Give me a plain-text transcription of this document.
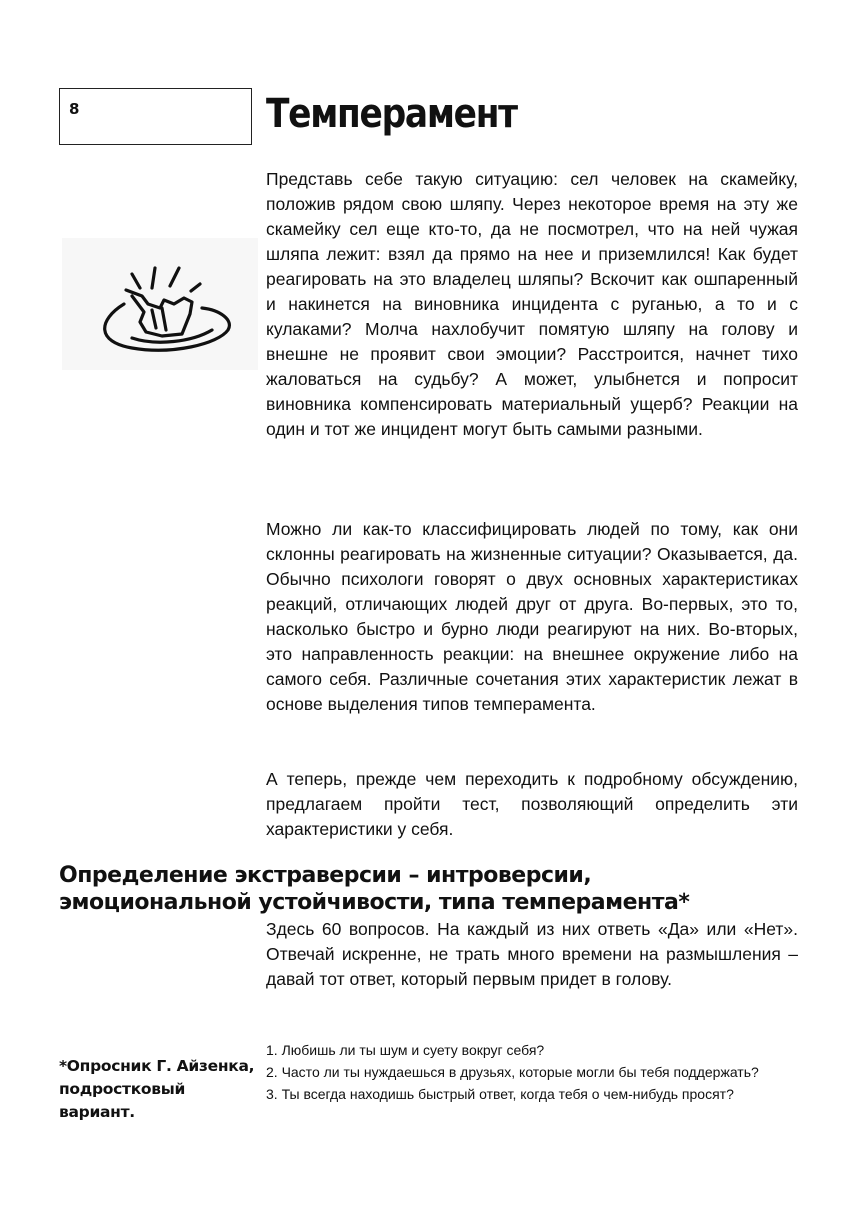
8	Темперамент

Представь себе такую ситуацию: сел человек на скамейку, положив рядом свою шляпу. Через некоторое время на эту же скамейку сел еще кто-то, да не посмотрел, что на ней чужая шляпа лежит: взял да прямо на нее и приземлился! Как будет реагировать на это владелец шляпы? Вскочит как ошпаренный и накинется на виновника инцидента с руганью, а то и с кулаками? Молча нахлобучит помятую шляпу на голову и внешне не проявит свои эмоции? Расстроится, начнет тихо жаловаться на судьбу? А может, улыбнется и попросит виновника компенсировать материальный ущерб? Реакции на один и тот же инцидент могут быть самыми разными.

Можно ли как-то классифицировать людей по тому, как они склонны реагировать на жизненные ситуации? Оказывается, да. Обычно психологи говорят о двух основных характеристиках реакций, отличающих людей друг от друга. Во-первых, это то, насколько быстро и бурно люди реагируют на них. Во-вторых, это направленность реакции: на внешнее окружение либо на самого себя. Различные сочетания этих характеристик лежат в основе выделения типов темперамента.

А теперь, прежде чем переходить к подробному обсуждению, предлагаем пройти тест, позволяющий определить эти характеристики у себя.

Определение экстраверсии – интроверсии, эмоциональной устойчивости, типа темперамента*

Здесь 60 вопросов. На каждый из них ответь «Да» или «Нет». Отвечай искренне, не трать много времени на размышления – давай тот ответ, который первым придет в голову.

*Опросник Г. Айзенка, подростковый вариант.

1. Любишь ли ты шум и суету вокруг себя?
2. Часто ли ты нуждаешься в друзьях, которые могли бы тебя поддержать?
3. Ты всегда находишь быстрый ответ, когда тебя о чем-нибудь просят?
